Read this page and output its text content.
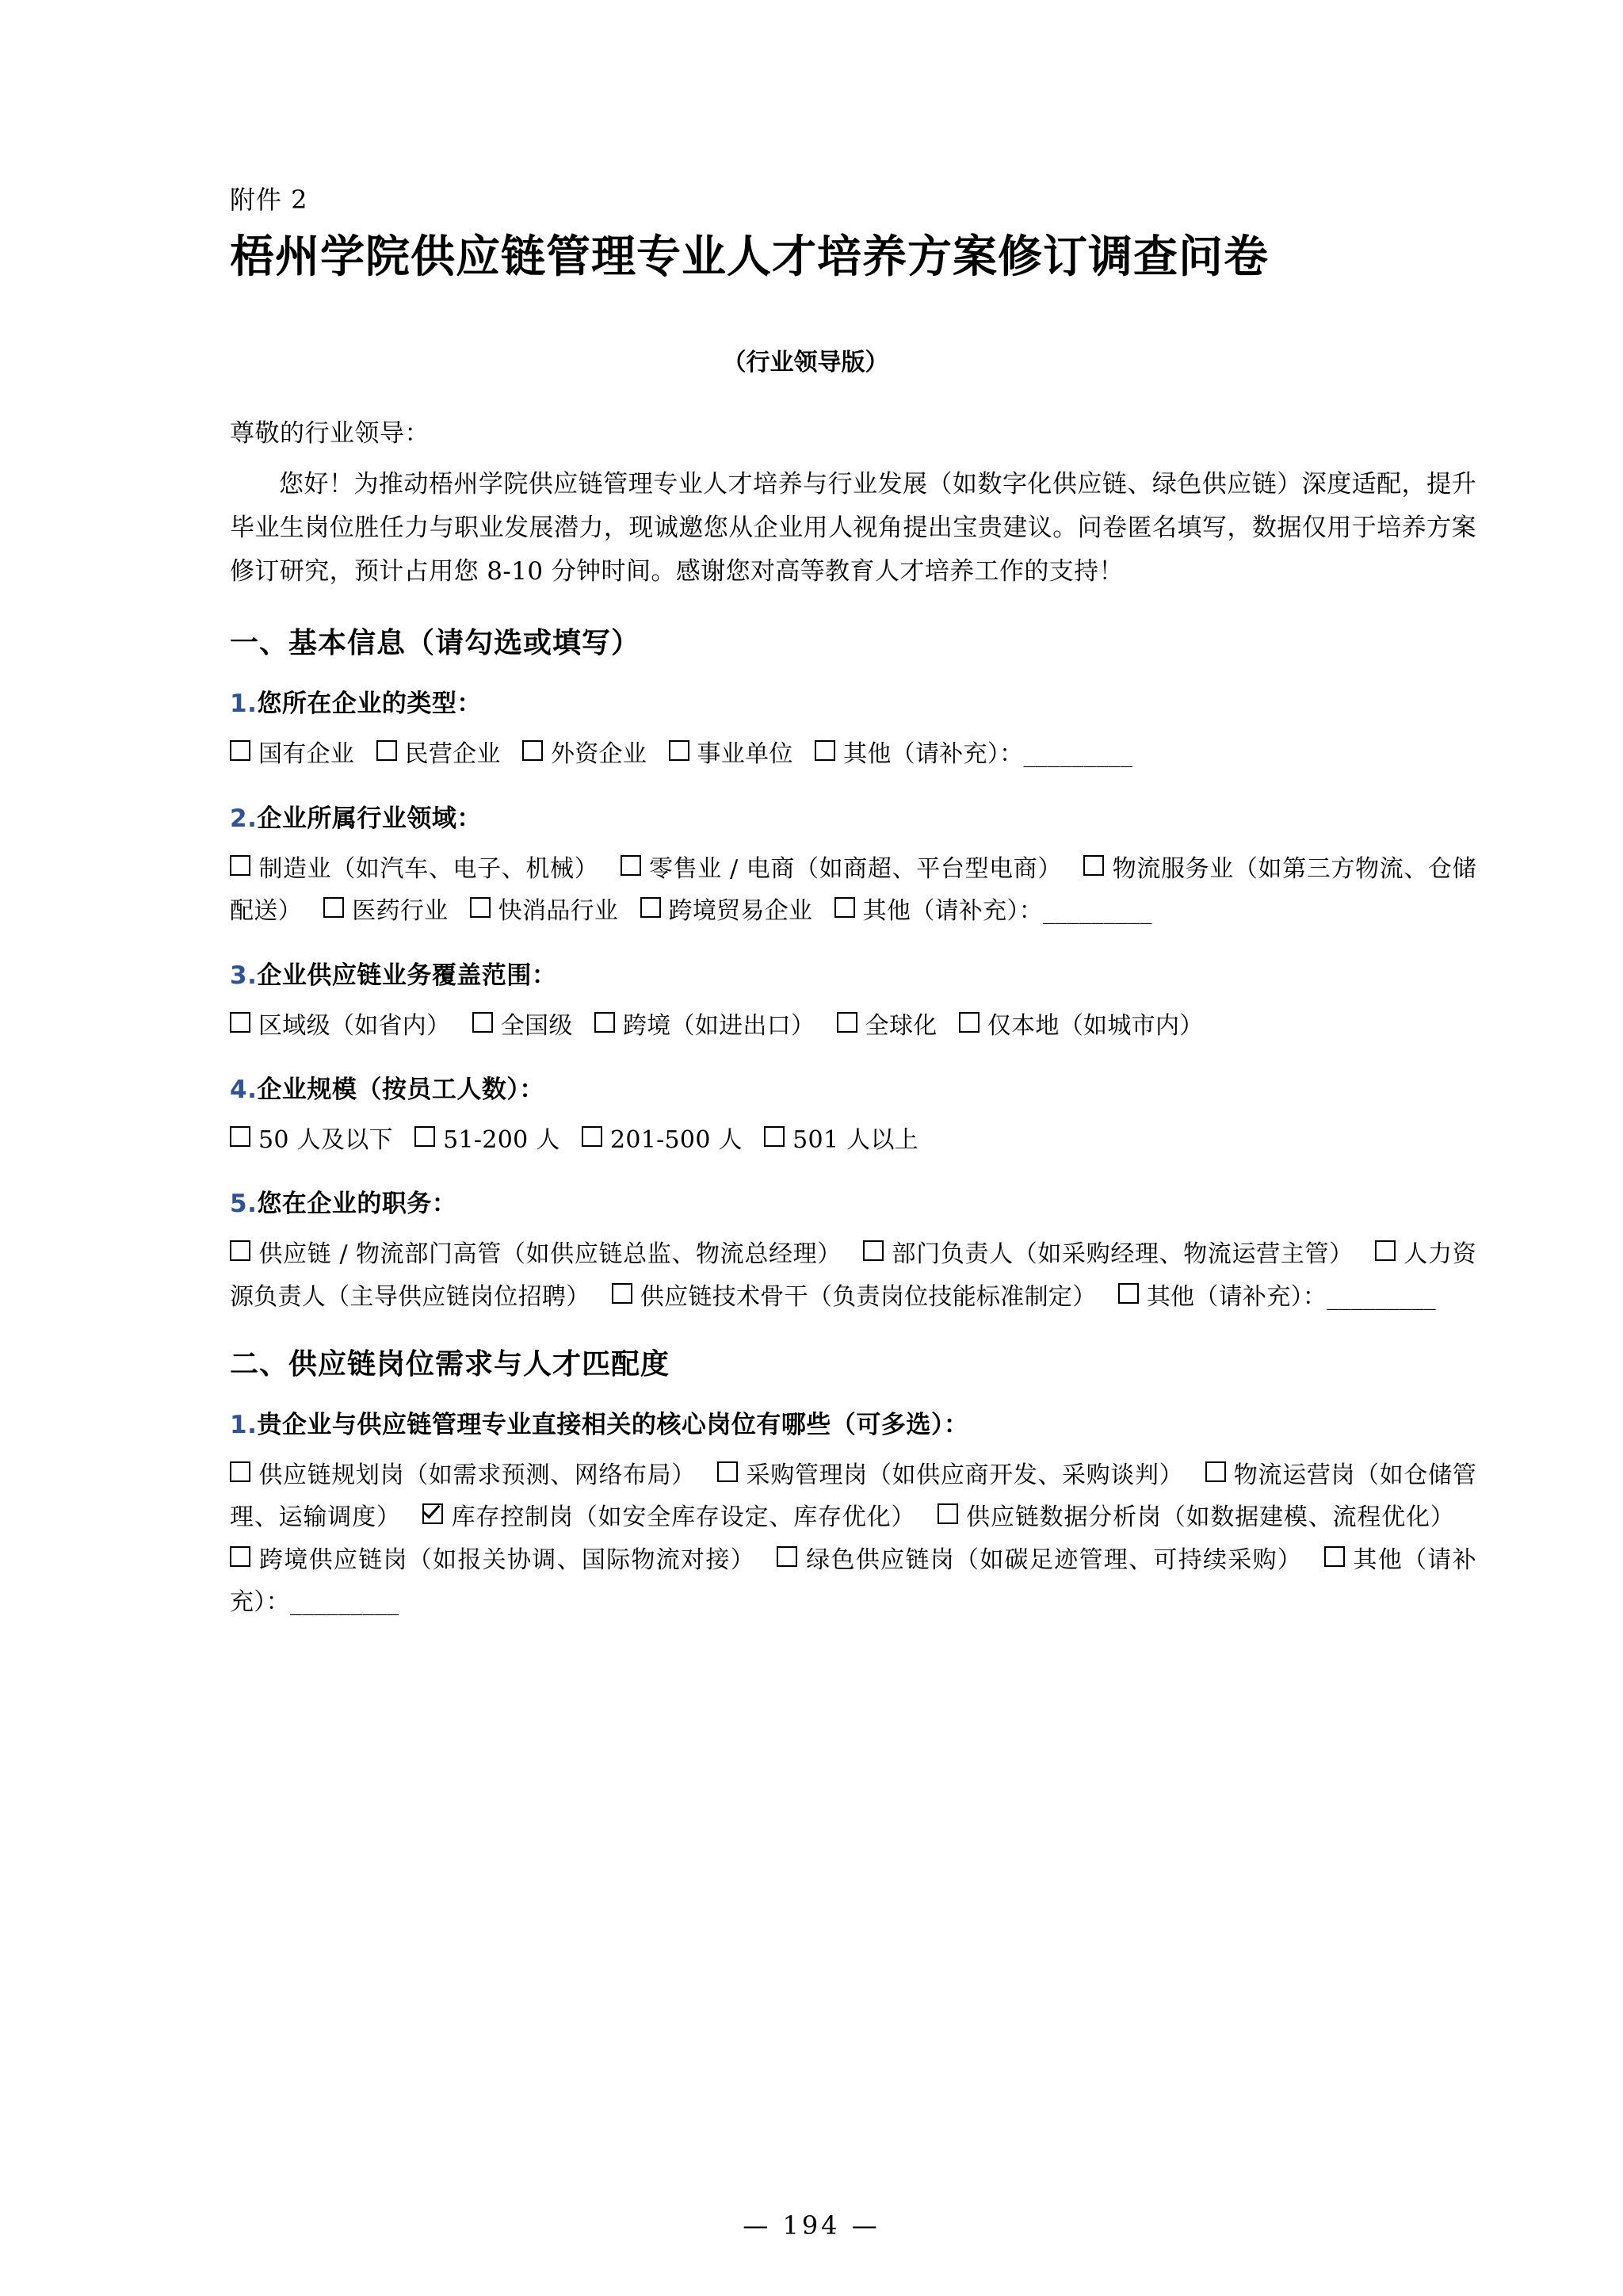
附件 2
梧州学院供应链管理专业人才培养方案修订调查问卷
（行业领导版）

尊敬的行业领导：

您好！为推动梧州学院供应链管理专业人才培养与行业发展（如数字化供应链、绿色供应链）深度适配，提升毕业生岗位胜任力与职业发展潜力，现诚邀您从企业用人视角提出宝贵建议。问卷匿名填写，数据仅用于培养方案修订研究，预计占用您 8-10 分钟时间。感谢您对高等教育人才培养工作的支持！

一、基本信息（请勾选或填写）
1.您所在企业的类型：
国有企业  民营企业  外资企业  事业单位  其他（请补充）：_________ 
2.企业所属行业领域：
制造业（如汽车、电子、机械）  零售业 / 电商（如商超、平台型电商）  物流服务业（如第三方物流、仓储配送）  医药行业  快消品行业  跨境贸易企业  其他（请补充）：_________ 
3.企业供应链业务覆盖范围：
区域级（如省内）  全国级  跨境（如进出口）  全球化  仅本地（如城市内） 
4.企业规模（按员工人数）：
50 人及以下  51-200 人  201-500 人  501 人以上 
5.您在企业的职务：
供应链 / 物流部门高管（如供应链总监、物流总经理）  部门负责人（如采购经理、物流运营主管）  人力资源负责人（主导供应链岗位招聘）  供应链技术骨干（负责岗位技能标准制定）  其他（请补充）：_________ 
二、供应链岗位需求与人才匹配度
1.贵企业与供应链管理专业直接相关的核心岗位有哪些（可多选）：
供应链规划岗（如需求预测、网络布局）  采购管理岗（如供应商开发、采购谈判）  物流运营岗（如仓储管理、运输调度）  库存控制岗（如安全库存设定、库存优化）  供应链数据分析岗（如数据建模、流程优化） 跨境供应链岗（如报关协调、国际物流对接）  绿色供应链岗（如碳足迹管理、可持续采购）  其他（请补充）：_________ 
— 194 —
